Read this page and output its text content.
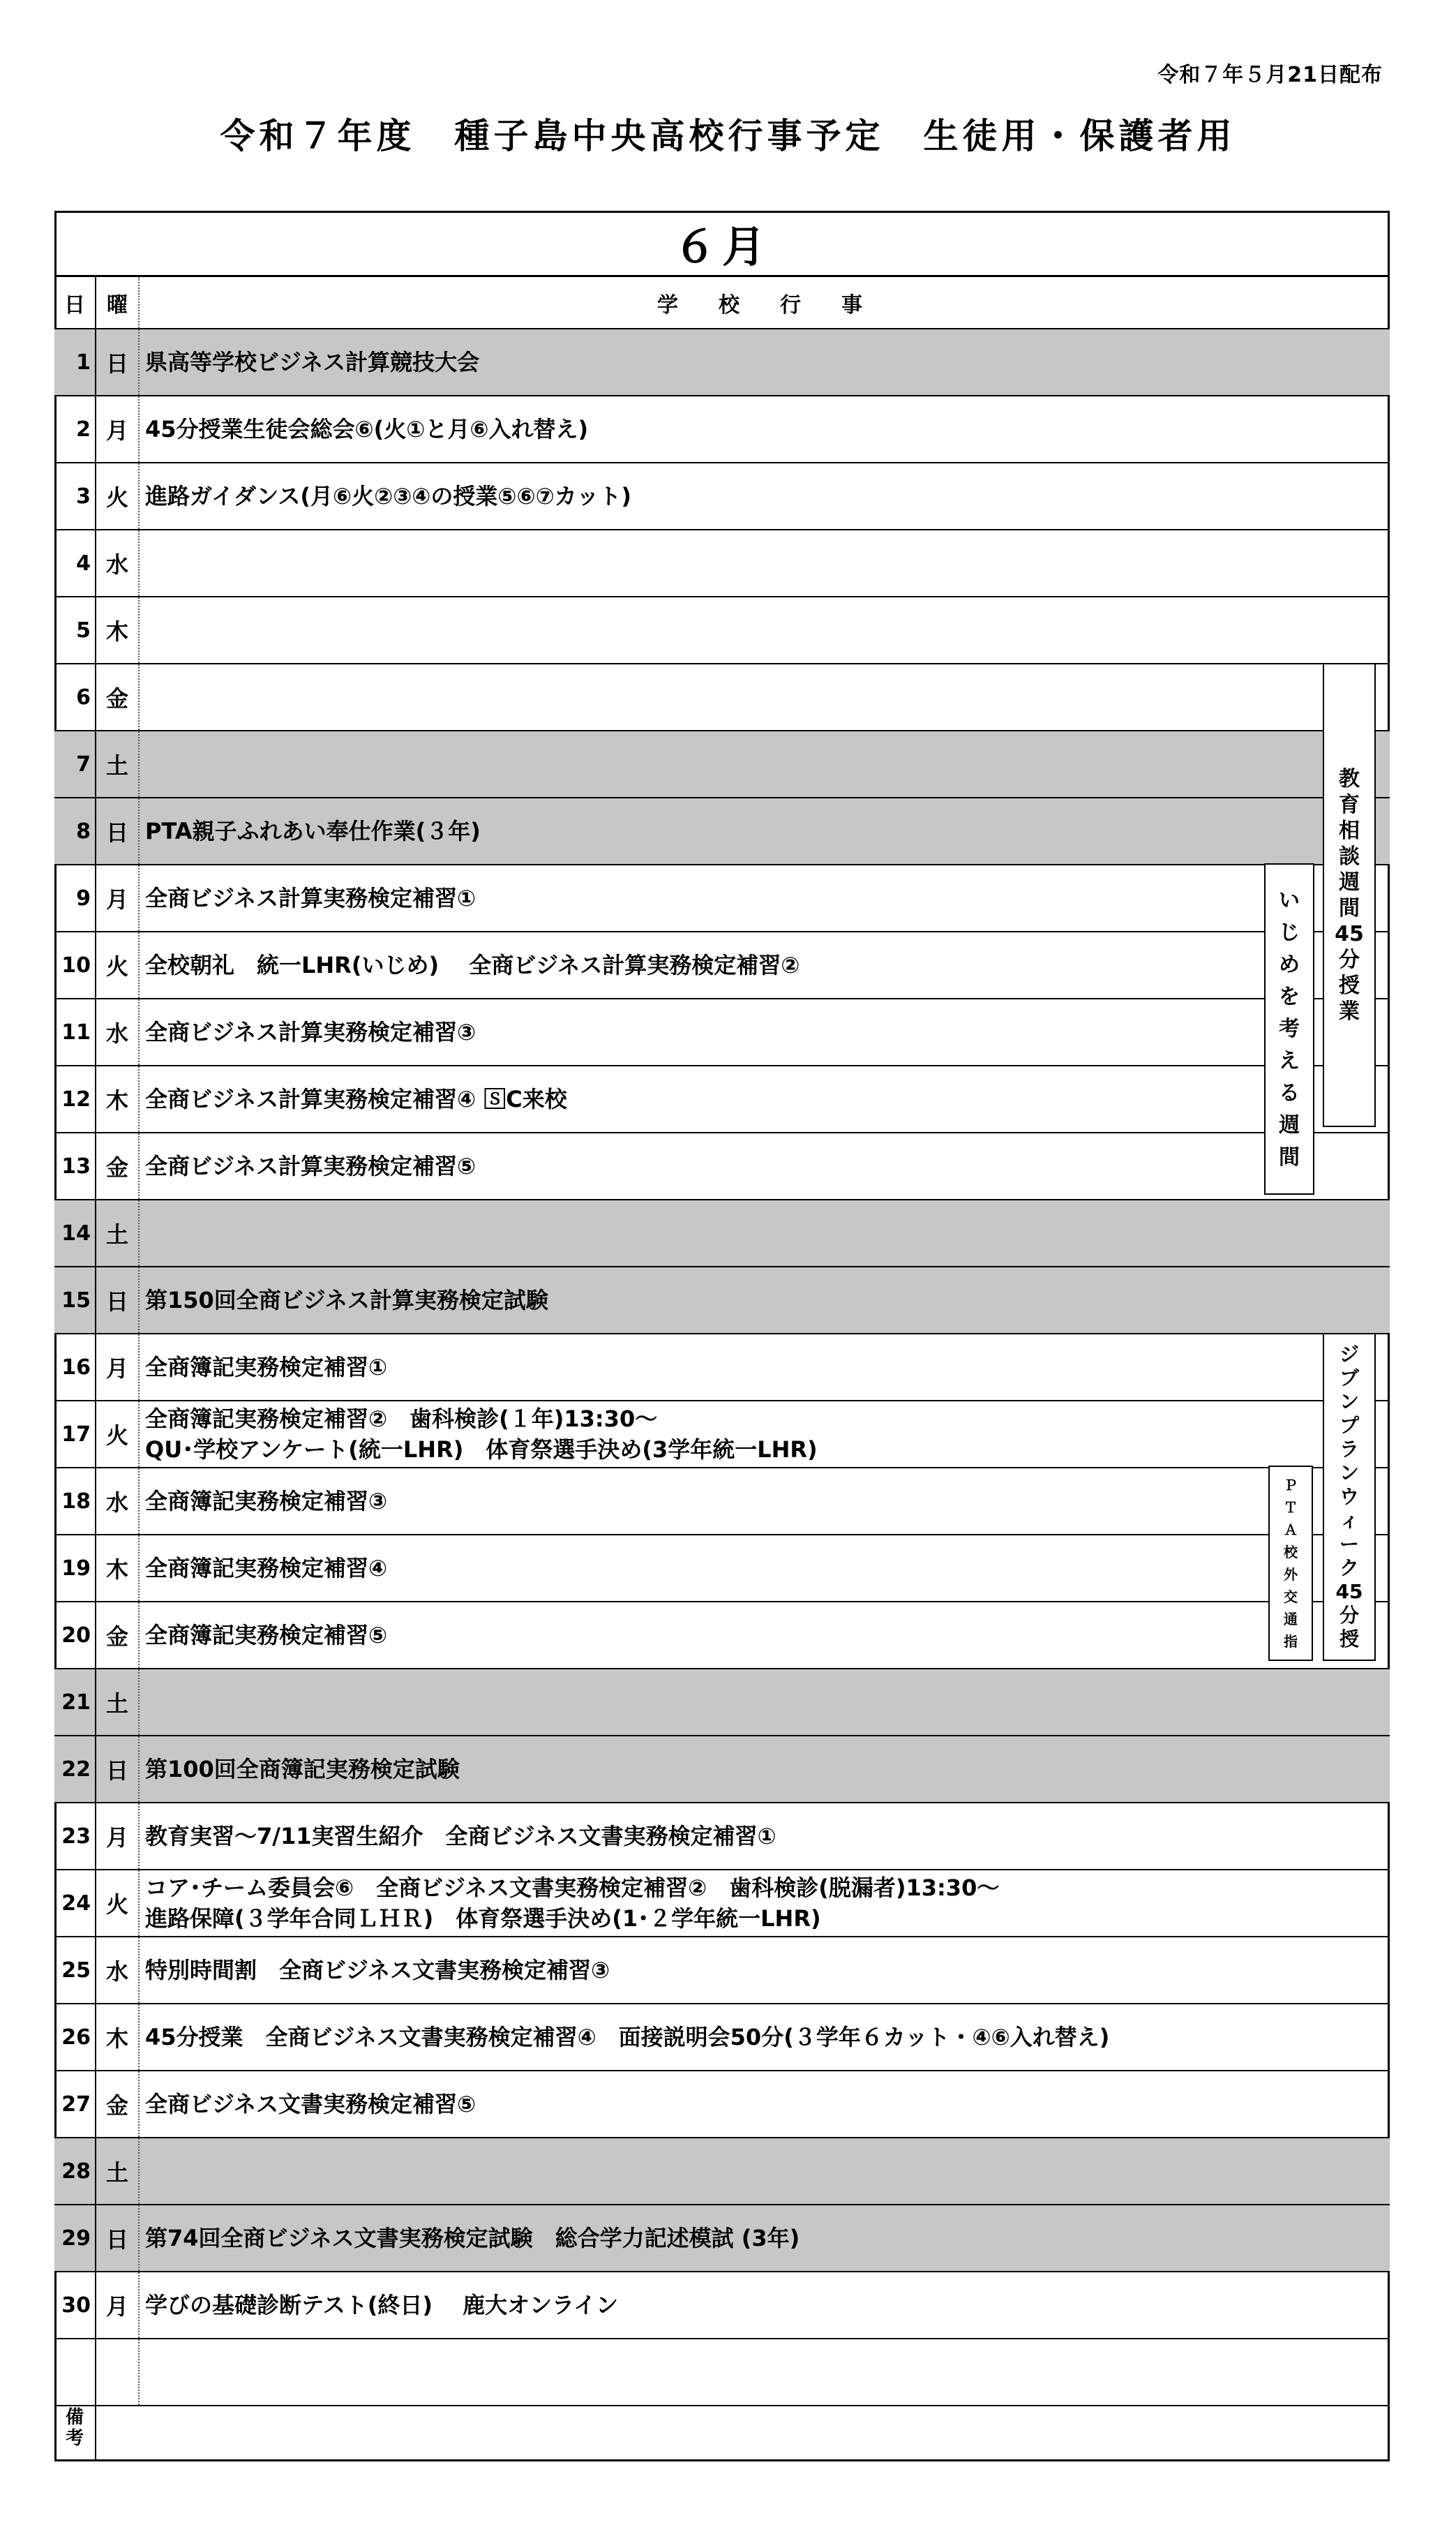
令和７年５月21日配布
令和７年度　種子島中央高校行事予定　生徒用・保護者用
６月
日	曜	学　校　行　事
1 日 県高等学校ビジネス計算競技大会
2 月 45分授業生徒会総会⑥(火①と月⑥入れ替え)
3 火 進路ガイダンス(月⑥火②③④の授業⑤⑥⑦カット)
4 水
5 木
6 金
7 土
8 日 PTA親子ふれあい奉仕作業(３年)
9 月 全商ビジネス計算実務検定補習①
10 火 全校朝礼　統一LHR(いじめ)　 全商ビジネス計算実務検定補習②
11 水 全商ビジネス計算実務検定補習③
12 木 全商ビジネス計算実務検定補習④ 🅂C来校
13 金 全商ビジネス計算実務検定補習⑤
14 土
15 日 第150回全商ビジネス計算実務検定試験
16 月 全商簿記実務検定補習①
17 火
全商簿記実務検定補習②　歯科検診(１年)13:30～
QU･学校アンケート(統一LHR)　体育祭選手決め(3学年統一LHR)
18 水 全商簿記実務検定補習③
19 木 全商簿記実務検定補習④
20 金 全商簿記実務検定補習⑤
21 土
22 日 第100回全商簿記実務検定試験
23 月 教育実習～7/11実習生紹介　全商ビジネス文書実務検定補習①
24 火
コア･チーム委員会⑥　全商ビジネス文書実務検定補習②　歯科検診(脱漏者)13:30～
進路保障(３学年合同ＬＨＲ)　体育祭選手決め(1･２学年統一LHR)
25 水 特別時間割　全商ビジネス文書実務検定補習③
26 木 45分授業　全商ビジネス文書実務検定補習④　面接説明会50分(３学年６カット・④⑥入れ替え)
27 金 全商ビジネス文書実務検定補習⑤
28 土
29 日 第74回全商ビジネス文書実務検定試験　総合学力記述模試 (3年)
30 月 学びの基礎診断テスト(終日)　 鹿大オンライン
備
考
教
育
相
談
週
間
45
分
授
業
い
じ
め
を
考
え
る
週
間
ジ
ブ
ン
プ
ラ
ン
ウ
ィ
ー
ク
45
分
授
Ｐ
Ｔ
Ａ
校
外
交
通
指
